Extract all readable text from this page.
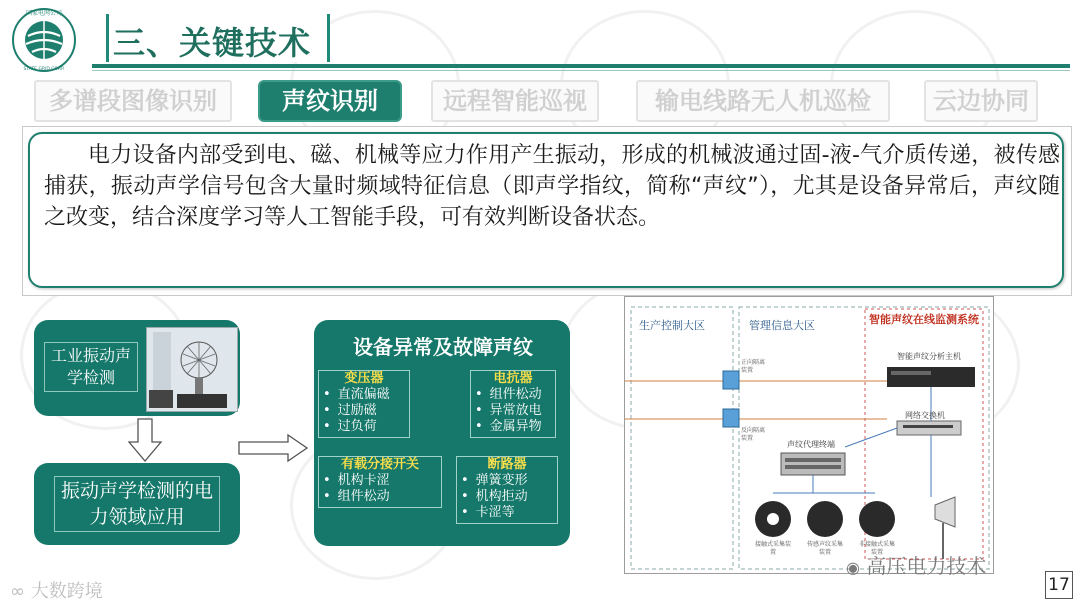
国家电网公司
STATE GRID CORP.
三、关键技术
多谱段图像识别	声纹识别	远程智能巡视	输电线路无人机巡检	云边协同

电力设备内部受到电、磁、机械等应力作用产生振动，形成的机械波通过固-液-气介质传递，被传感捕获，振动声学信号包含大量时频域特征信息（即声学指纹，简称“声纹”），尤其是设备异常后，声纹随之改变，结合深度学习等人工智能手段，可有效判断设备状态。

工业振动声学检测
振动声学检测的电力领域应用
设备异常及故障声纹
变压器
• 直流偏磁
• 过励磁
• 过负荷
电抗器
• 组件松动
• 异常放电
• 金属异物
有载分接开关
• 机构卡涩
• 组件松动
断路器
• 弹簧变形
• 机构拒动
• 卡涩等
生产控制大区	管理信息大区	智能声纹在线监测系统
智能声纹分析主机
网络交换机
声纹代理终端
正向隔离装置
反向隔离装置
接触式采集装置
传感声纹采集装置
非接触式采集装置
◉ 高压电力技术
∞ 大数跨境	17
